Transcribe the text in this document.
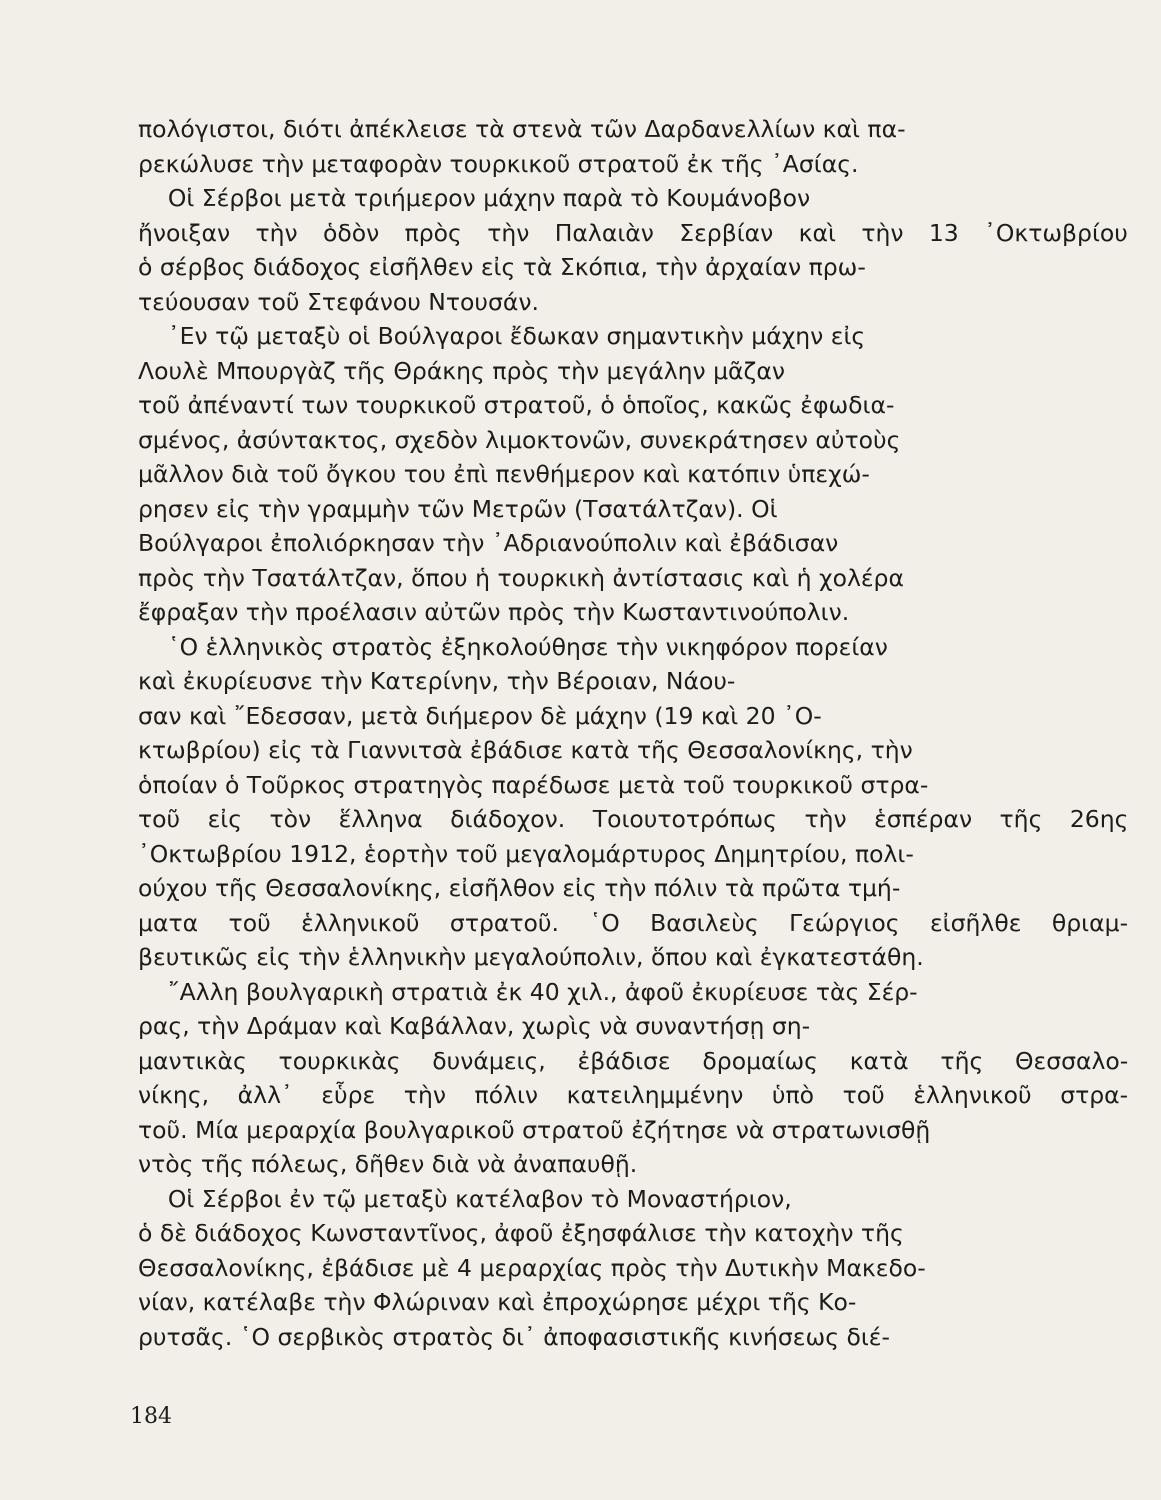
πολόγιστοι, διότι ἀπέκλεισε τὰ στενὰ τῶν Δαρδανελλίων καὶ πα-
ρεκώλυσε τὴν μεταφορὰν τουρκικοῦ στρατοῦ ἐκ τῆς ᾽Ασίας.
Οἱ Σέρβοι μετὰ τριήμερον μάχην παρὰ τὸ Κουμάνοβον
ἤνοιξαν τὴν ὁδὸν πρὸς τὴν Παλαιὰν Σερβίαν καὶ τὴν 13 ᾽Οκτωβρίου
ὁ σέρβος διάδοχος εἰσῆλθεν εἰς τὰ Σκόπια, τὴν ἀρχαίαν πρω-
τεύουσαν τοῦ Στεφάνου Ντουσάν.
᾽Εν τῷ μεταξὺ οἱ Βούλγαροι ἔδωκαν σημαντικὴν μάχην εἰς
Λουλὲ Μπουργὰζ τῆς Θράκης πρὸς τὴν μεγάλην μᾶζαν
τοῦ ἀπέναντί των τουρκικοῦ στρατοῦ, ὁ ὁποῖος, κακῶς ἐφωδια-
σμένος, ἀσύντακτος, σχεδὸν λιμοκτονῶν, συνεκράτησεν αὐτοὺς
μᾶλλον διὰ τοῦ ὄγκου του ἐπὶ πενθήμερον καὶ κατόπιν ὑπεχώ-
ρησεν εἰς τὴν γραμμὴν τῶν Μετρῶν (Τσατάλτζαν). Οἱ
Βούλγαροι ἐπολιόρκησαν τὴν ᾽Αδριανούπολιν καὶ ἐβάδισαν
πρὸς τὴν Τσατάλτζαν, ὅπου ἡ τουρκικὴ ἀντίστασις καὶ ἡ χολέρα
ἔφραξαν τὴν προέλασιν αὐτῶν πρὸς τὴν Κωσταντινούπολιν.
῾Ο ἑλληνικὸς στρατὸς ἐξηκολούθησε τὴν νικηφόρον πορείαν
καὶ ἐκυρίευσνε τὴν Κατερίνην, τὴν Βέροιαν, Νάου-
σαν καὶ ῎Εδεσσαν, μετὰ διήμερον δὲ μάχην (19 καὶ 20 ᾽Ο-
κτωβρίου) εἰς τὰ Γιαννιτσὰ ἐβάδισε κατὰ τῆς Θεσσαλονίκης, τὴν
ὁποίαν ὁ Τοῦρκος στρατηγὸς παρέδωσε μετὰ τοῦ τουρκικοῦ στρα-
τοῦ εἰς τὸν ἕλληνα διάδοχον. Τοιουτοτρόπως τὴν ἑσπέραν τῆς 26ης
᾽Οκτωβρίου 1912, ἑορτὴν τοῦ μεγαλομάρτυρος Δημητρίου, πολι-
ούχου τῆς Θεσσαλονίκης, εἰσῆλθον εἰς τὴν πόλιν τὰ πρῶτα τμή-
ματα τοῦ ἑλληνικοῦ στρατοῦ. ῾Ο Βασιλεὺς Γεώργιος εἰσῆλθε θριαμ-
βευτικῶς εἰς τὴν ἑλληνικὴν μεγαλούπολιν, ὅπου καὶ ἐγκατεστάθη.
῎Αλλη βουλγαρικὴ στρατιὰ ἐκ 40 χιλ., ἀφοῦ ἐκυρίευσε τὰς Σέρ-
ρας, τὴν Δράμαν καὶ Καβάλλαν, χωρὶς νὰ συναντήσῃ ση-
μαντικὰς τουρκικὰς δυνάμεις, ἐβάδισε δρομαίως κατὰ τῆς Θεσσαλο-
νίκης, ἀλλ᾽ εὗρε τὴν πόλιν κατειλημμένην ὑπὸ τοῦ ἑλληνικοῦ στρα-
τοῦ. Μία μεραρχία βουλγαρικοῦ στρατοῦ ἐζήτησε νὰ στρατωνισθῇ
ντὸς τῆς πόλεως, δῆθεν διὰ νὰ ἀναπαυθῇ.
Οἱ Σέρβοι ἐν τῷ μεταξὺ κατέλαβον τὸ Μοναστήριον,
ὁ δὲ διάδοχος Κωνσταντῖνος, ἀφοῦ ἐξησφάλισε τὴν κατοχὴν τῆς
Θεσσαλονίκης, ἐβάδισε μὲ 4 μεραρχίας πρὸς τὴν Δυτικὴν Μακεδο-
νίαν, κατέλαβε τὴν Φλώριναν καὶ ἐπροχώρησε μέχρι τῆς Κο-
ρυτσᾶς. ῾Ο σερβικὸς στρατὸς δι᾽ ἀποφασιστικῆς κινήσεως διέ-
184
